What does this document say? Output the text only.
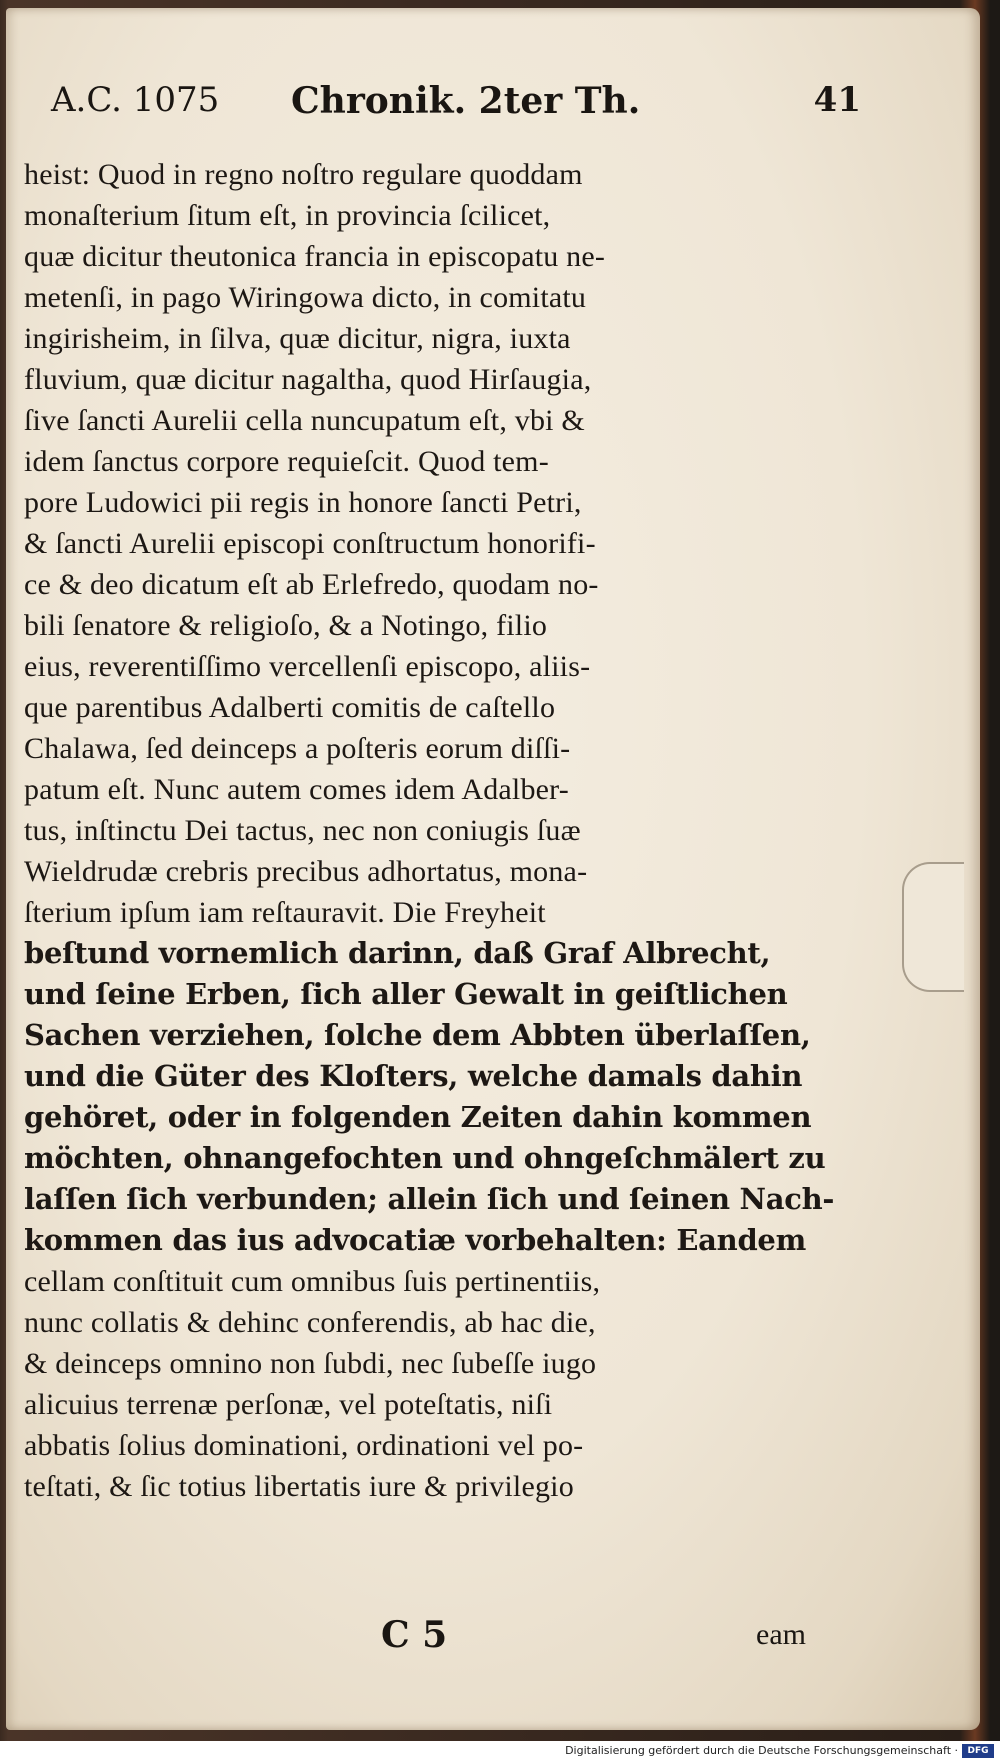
A.C. 1075 Chronik. 2ter Th.	41
heist: Quod in regno noſtro regulare quoddam
monaſterium ſitum eſt, in provincia ſcilicet,
quæ dicitur theutonica francia in episcopatu ne-
metenſi, in pago Wiringowa dicto, in comitatu
ingirisheim, in ſilva, quæ dicitur, nigra, iuxta
fluvium, quæ dicitur nagaltha, quod Hirſaugia,
ſive ſancti Aurelii cella nuncupatum eſt, vbi &
idem ſanctus corpore requieſcit. Quod tem-
pore Ludowici pii regis in honore ſancti Petri,
& ſancti Aurelii episcopi conſtructum honorifi-
ce & deo dicatum eſt ab Erlefredo, quodam no-
bili ſenatore & religioſo, & a Notingo, filio
eius, reverentiſſimo vercellenſi episcopo, aliis-
que parentibus Adalberti comitis de caſtello
Chalawa, ſed deinceps a poſteris eorum diſſi-
patum eſt. Nunc autem comes idem Adalber-
tus, inſtinctu Dei tactus, nec non coniugis ſuæ
Wieldrudæ crebris precibus adhortatus, mona-
ſterium ipſum iam reſtauravit. Die Freyheit
beſtund vornemlich darinn, daß Graf Albrecht,
und ſeine Erben, ſich aller Gewalt in geiſtlichen
Sachen verziehen, ſolche dem Abbten überlaſſen,
und die Güter des Kloſters, welche damals dahin
gehöret, oder in folgenden Zeiten dahin kommen
möchten, ohnangefochten und ohngeſchmälert zu
laſſen ſich verbunden; allein ſich und ſeinen Nach-
kommen das ius advocatiæ vorbehalten: Eandem
cellam conſtituit cum omnibus ſuis pertinentiis,
nunc collatis & dehinc conferendis, ab hac die,
& deinceps omnino non ſubdi, nec ſubeſſe iugo
alicuius terrenæ perſonæ, vel poteſtatis, niſi
abbatis ſolius dominationi, ordinationi vel po-
teſtati, & ſic totius libertatis iure & privilegio
C 5	eam
Digitalisierung gefördert durch die Deutsche Forschungsgemeinschaft ·	DFG
